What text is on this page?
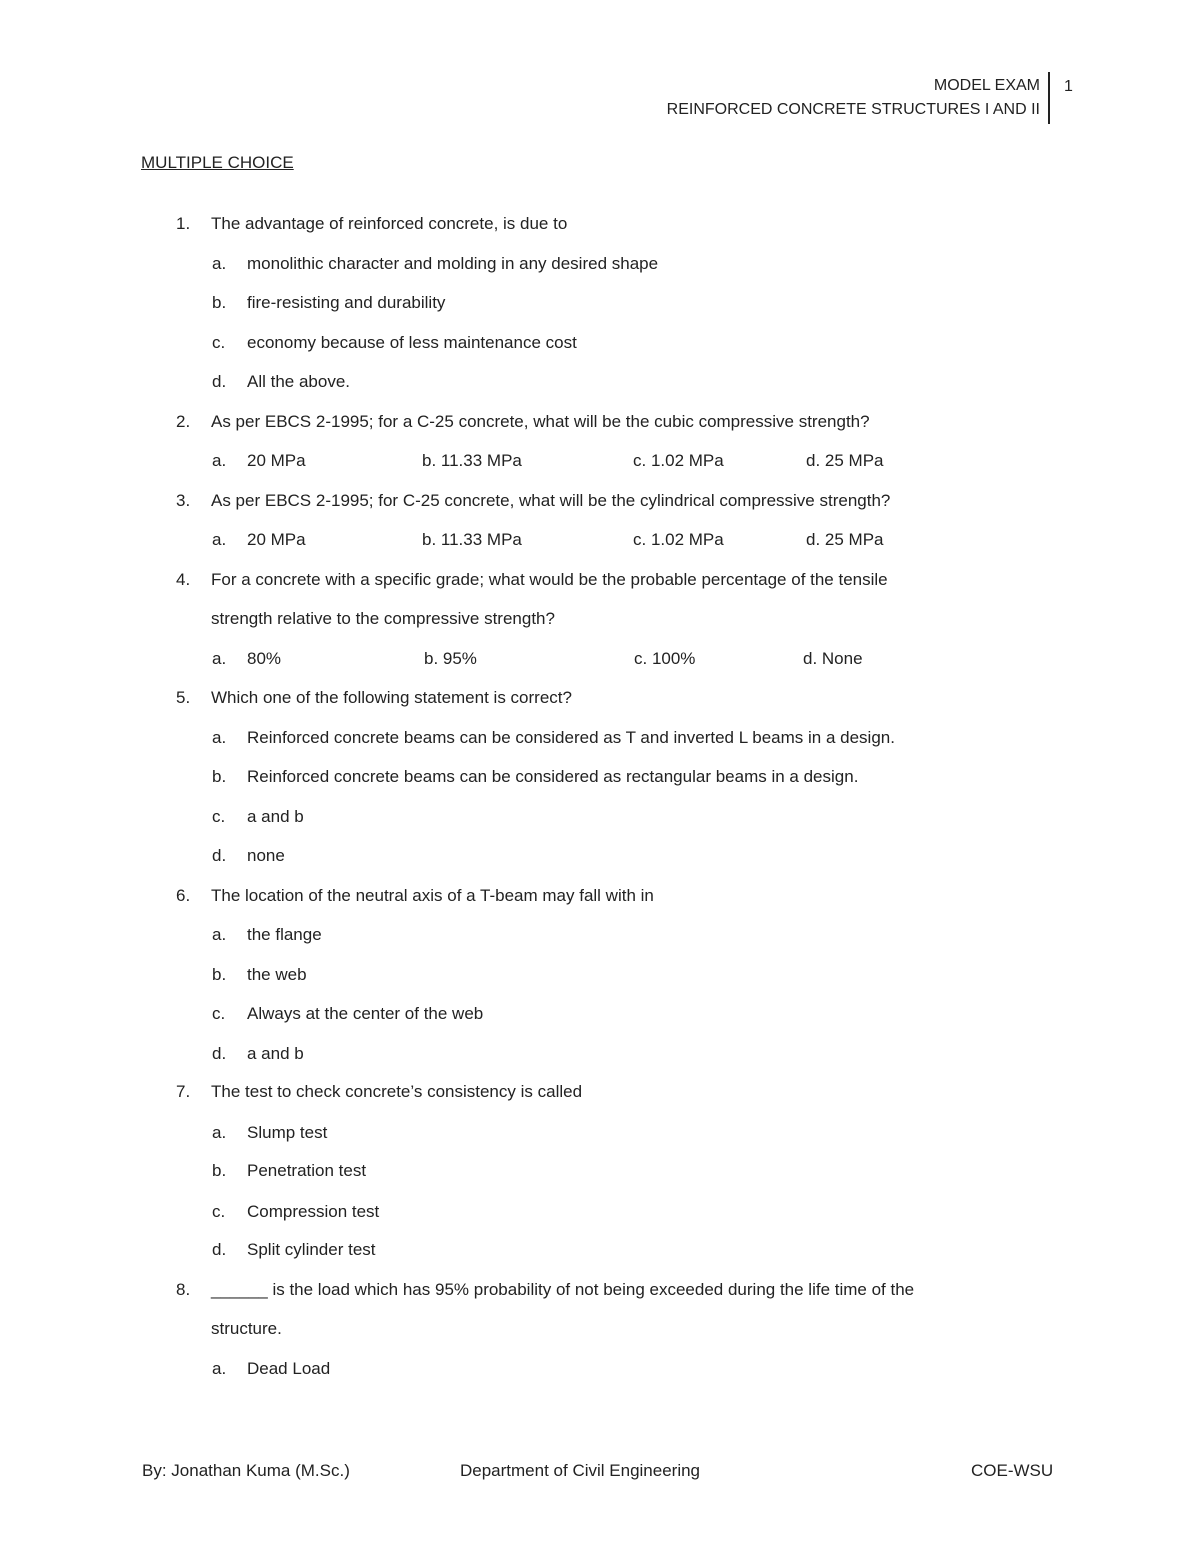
MODEL EXAM
REINFORCED CONCRETE STRUCTURES I AND II
1
MULTIPLE CHOICE
1.	The advantage of reinforced concrete, is due to
a.	monolithic character and molding in any desired shape
b.	fire-resisting and durability
c.	economy because of less maintenance cost
d.	All the above.
2.	As per EBCS 2-1995; for a C-25 concrete, what will be the cubic compressive strength?
a.	20 MPa	b. 11.33 MPa	c. 1.02 MPa	d. 25 MPa
3.	As per EBCS 2-1995; for C-25 concrete, what will be the cylindrical compressive strength?
a.	20 MPa	b. 11.33 MPa	c. 1.02 MPa	d. 25 MPa
4.	For a concrete with a specific grade; what would be the probable percentage of the tensile
strength relative to the compressive strength?
a.	80%	b. 95%	c. 100%	d. None
5.	Which one of the following statement is correct?
a.	Reinforced concrete beams can be considered as T and inverted L beams in a design.
b.	Reinforced concrete beams can be considered as rectangular beams in a design.
c.	a and b
d.	none
6.	The location of the neutral axis of a T-beam may fall with in
a.	the flange
b.	the web
c.	Always at the center of the web
d.	a and b
7.	The test to check concrete’s consistency is called
a.	Slump test
b.	Penetration test
c.	Compression test
d.	Split cylinder test
8.	______ is the load which has 95% probability of not being exceeded during the life time of the
structure.
a.	Dead Load
By: Jonathan Kuma (M.Sc.)	Department of Civil Engineering	COE-WSU
